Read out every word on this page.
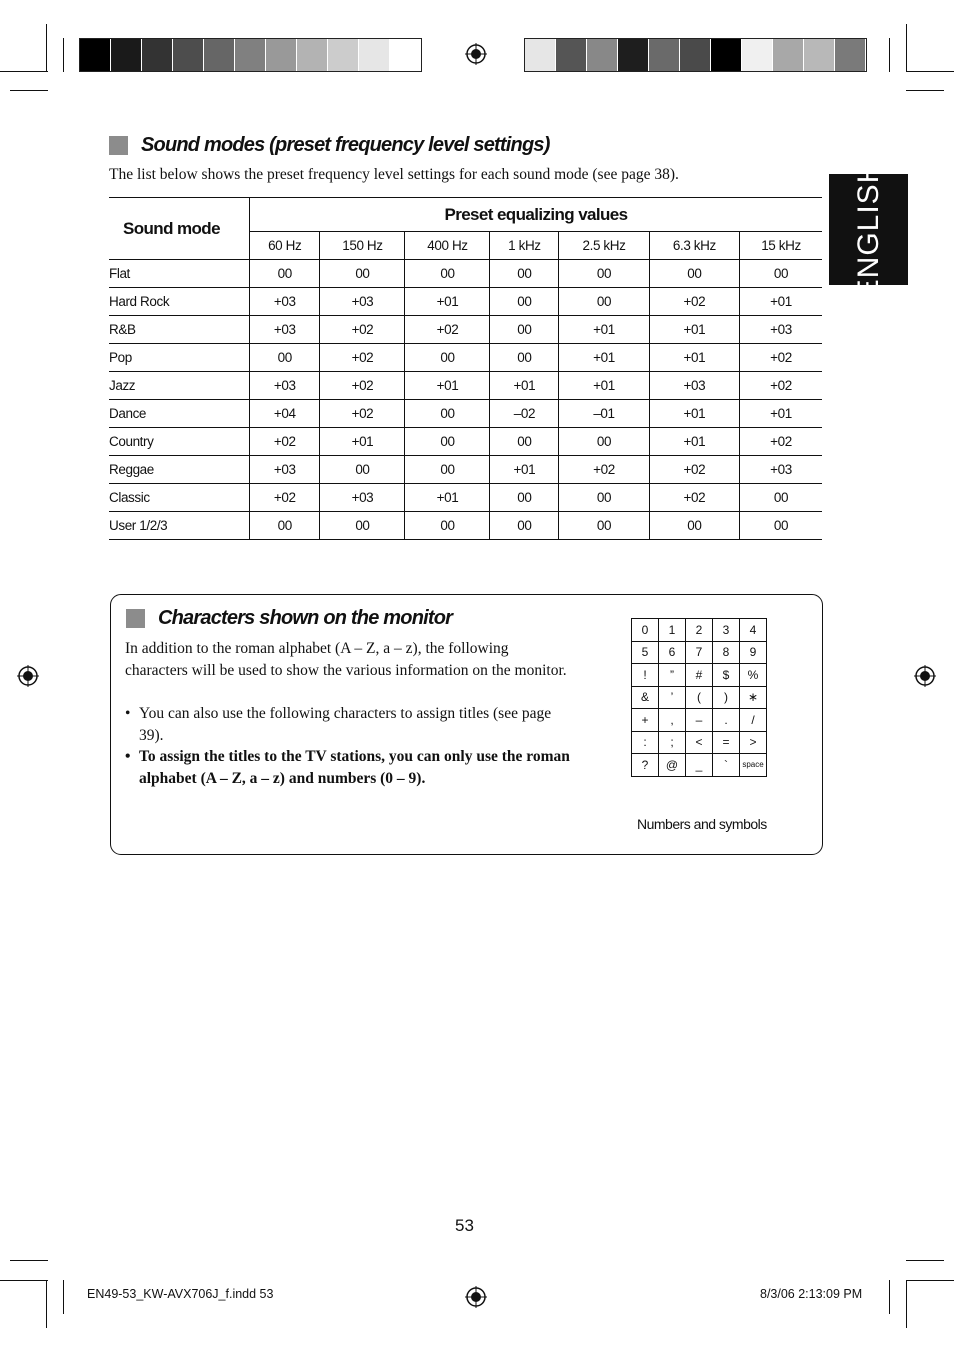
ENGLISH
Sound modes (preset frequency level settings)
The list below shows the preset frequency level settings for each sound mode (see page 38).
Sound mode	Preset equalizing values						
	60 Hz	150 Hz	400 Hz	1 kHz	2.5 kHz	6.3 kHz	15 kHz
Flat	00	00	00	00	00	00	00
Hard Rock	+03	+03	+01	00	00	+02	+01
R&B	+03	+02	+02	00	+01	+01	+03
Pop	00	+02	00	00	+01	+01	+02
Jazz	+03	+02	+01	+01	+01	+03	+02
Dance	+04	+02	00	–02	–01	+01	+01
Country	+02	+01	00	00	00	+01	+02
Reggae	+03	00	00	+01	+02	+02	+03
Classic	+02	+03	+01	00	00	+02	00
User 1/2/3	00	00	00	00	00	00	00
Characters shown on the monitor
In addition to the roman alphabet (A – Z, a – z), the following characters will be used to show the various information on the monitor.
• You can also use the following characters to assign titles (see page 39).
• To assign the titles to the TV stations, you can only use the roman alphabet (A – Z, a – z) and numbers (0 – 9).
0	1	2	3	4
5	6	7	8	9
!	”	#	$	%
&	’	(	)	∗
+	,	–	.	/
:	;	<	=	>
?	@	_	`	space
Numbers and symbols
53
EN49-53_KW-AVX706J_f.indd 53	8/3/06 2:13:09 PM
